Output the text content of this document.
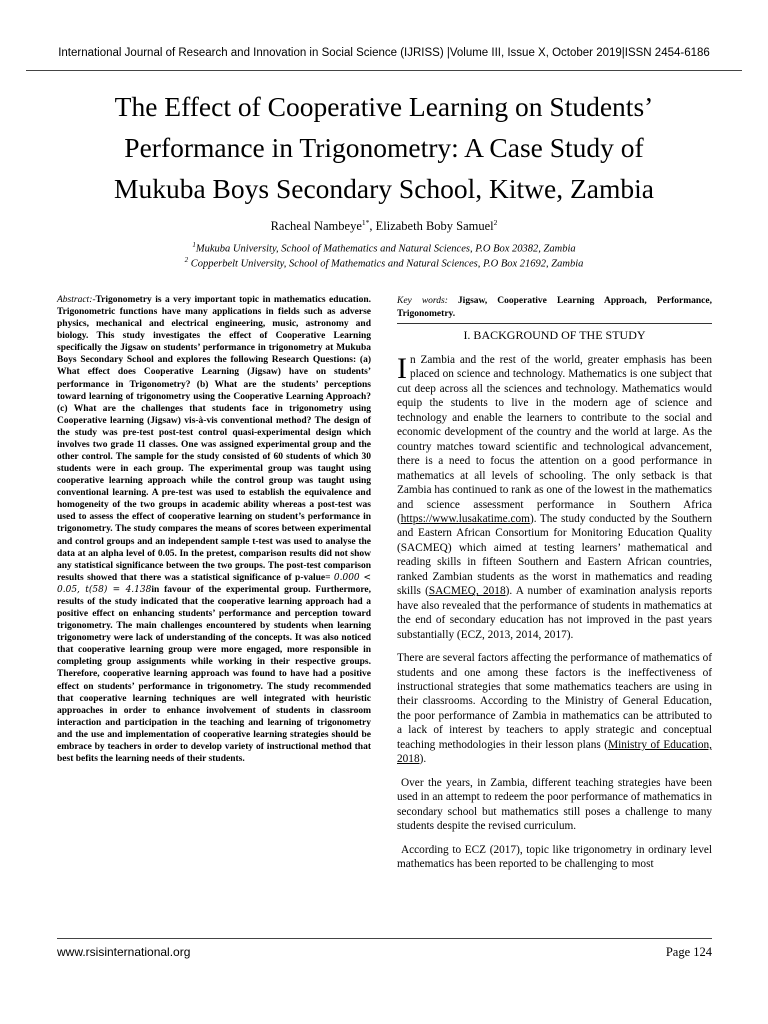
International Journal of Research and Innovation in Social Science (IJRISS) |Volume III, Issue X, October 2019|ISSN 2454-6186
The Effect of Cooperative Learning on Students’
Performance in Trigonometry: A Case Study of
Mukuba Boys Secondary School, Kitwe, Zambia
Racheal Nambeye$^{1*}$, Elizabeth Boby Samuel$^2$
$^1$Mukuba University, School of Mathematics and Natural Sciences, P.O Box 20382, Zambia
$^2$ Copperbelt University, School of Mathematics and Natural Sciences, P.O Box 21692, Zambia
Abstract:-Trigonometry is a very important topic in mathematics education. Trigonometric functions have many applications in fields such as adverse physics, mechanical and electrical engineering, music, astronomy and biology. This study investigates the effect of Cooperative Learning specifically the Jigsaw on students’ performance in trigonometry at Mukuba Boys Secondary School and explores the following Research Questions: (a) What effect does Cooperative Learning (Jigsaw) have on students’ performance in Trigonometry? (b) What are the students’ perceptions toward learning of trigonometry using the Cooperative Learning Approach? (c) What are the challenges that students face in trigonometry using Cooperative learning (Jigsaw) vis-à-vis conventional method? The design of the study was pre-test post-test control quasi-experimental design which involves two grade 11 classes. One was assigned experimental group and the other control. The sample for the study consisted of 60 students of which 30 students were in each group. The experimental group was taught using cooperative learning approach while the control group was taught using conventional learning. A pre-test was used to establish the equivalence and homogeneity of the two groups in academic ability whereas a post-test was used to assess the effect of cooperative learning on student’s performance in trigonometry. The study compares the means of scores between experimental and control groups and an independent sample t-test was used to analyse the data at an alpha level of 0.05. In the pretest, comparison results did not show any statistical significance between the two groups. The post-test comparison results showed that there was a statistical significance of p-value= 0.000 < 0.05, t(58) = 4.138in favour of the experimental group. Furthermore, results of the study indicated that the cooperative learning approach had a positive effect on enhancing students’ performance and perception toward trigonometry. The main challenges encountered by students when learning trigonometry were lack of understanding of the concepts. It was also noticed that cooperative learning group were more engaged, more responsible in completing group assignments while working in their respective groups. Therefore, cooperative learning approach was found to have had a positive effect on students’ performance in trigonometry. The study recommended that cooperative learning techniques are well integrated with heuristic approaches in order to enhance involvement of students in classroom interaction and participation in the teaching and learning of trigonometry and the use and implementation of cooperative learning strategies should be embrace by teachers in order to develop variety of instructional method that best befits the learning needs of their students.
Key words: Jigsaw, Cooperative Learning Approach, Performance, Trigonometry.
I. BACKGROUND OF THE STUDY

In Zambia and the rest of the world, greater emphasis has been placed on science and technology. Mathematics is one subject that cut deep across all the sciences and technology. Mathematics would equip the students to live in the modern age of science and technology and enable the learners to contribute to the social and economic development of the country and the world at large. As the country matches toward scientific and technological advancement, there is a need to focus the attention on a good performance in mathematics at all levels of schooling. The only setback is that Zambia has continued to rank as one of the lowest in the mathematics and science assessment performance in Southern Africa (https://www.lusakatime.com). The study conducted by the Southern and Eastern African Consortium for Monitoring Education Quality (SACMEQ) which aimed at testing learners’ mathematical and reading skills in fifteen Southern and Eastern African countries, ranked Zambian students as the worst in mathematics and reading skills (SACMEQ, 2018). A number of examination analysis reports have also revealed that the performance of students in mathematics at the end of secondary education has not improved in the past years substantially (ECZ, 2013, 2014, 2017).

There are several factors affecting the performance of mathematics of students and one among these factors is the ineffectiveness of instructional strategies that some mathematics teachers are using in their classrooms. According to the Ministry of General Education, the poor performance of Zambia in mathematics can be attributed to a lack of interest by teachers to apply strategic and conceptual teaching methodologies in their lesson plans (Ministry of Education, 2018).

Over the years, in Zambia, different teaching strategies have been used in an attempt to redeem the poor performance of mathematics in secondary school but mathematics still poses a challenge to many students despite the revised curriculum.

According to ECZ (2017), topic like trigonometry in ordinary level mathematics has been reported to be challenging to most

www.rsisinternational.org	Page 124
